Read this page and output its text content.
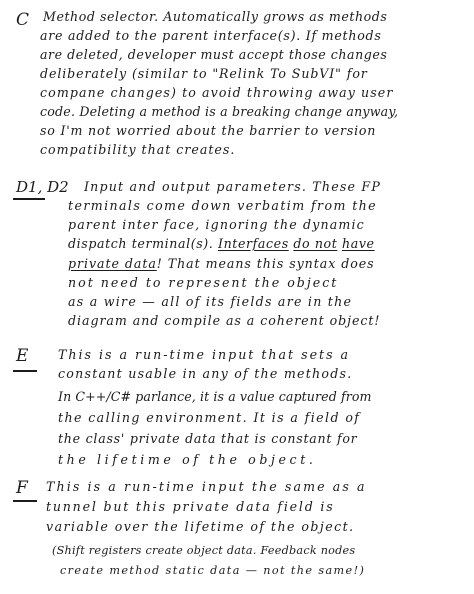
C Method selector. Automatically grows as methods
are added to the parent interface(s). If methods
are deleted, developer must accept those changes
deliberately (similar to "Relink To SubVI" for
compane changes) to avoid throwing away user
code. Deleting a method is a breaking change anyway,
so I'm not worried about the barrier to version
compatibility that creates.
D1, D2 Input and output parameters. These FP
terminals come down verbatim from the
parent inter face, ignoring the dynamic
dispatch terminal(s). Interfaces do not have
private data! That means this syntax does
not need to represent the object
as a wire — all of its fields are in the
diagram and compile as a coherent object!
E This is a run-time input that sets a
constant usable in any of the methods.
In C++/C# parlance, it is a value captured from
the calling environment. It is a field of
the class' private data that is constant for
the lifetime of the object.
F This is a run-time input the same as a
tunnel but this private data field is
variable over the lifetime of the object.
(Shift registers create object data. Feedback nodes
create method static data — not the same!)
